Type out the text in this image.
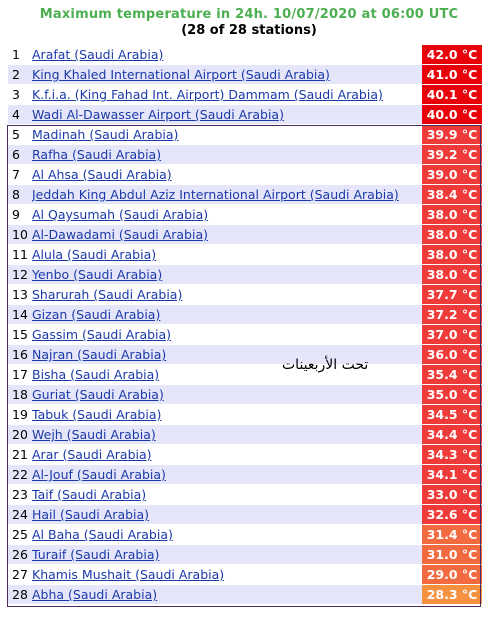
Maximum temperature in 24h. 10/07/2020 at 06:00 UTC
(28 of 28 stations)
1 Arafat (Saudi Arabia)	42.0 °C
2 King Khaled International Airport (Saudi Arabia)	41.0 °C
3 K.f.i.a. (King Fahad Int. Airport) Dammam (Saudi Arabia)	40.1 °C
4 Wadi Al-Dawasser Airport (Saudi Arabia)	40.0 °C
5 Madinah (Saudi Arabia)	39.9 °C
6 Rafha (Saudi Arabia)	39.2 °C
7 Al Ahsa (Saudi Arabia)	39.0 °C
8 Jeddah King Abdul Aziz International Airport (Saudi Arabia)	38.4 °C
9 Al Qaysumah (Saudi Arabia)	38.0 °C
10 Al-Dawadami (Saudi Arabia)	38.0 °C
11 Alula (Saudi Arabia)	38.0 °C
12 Yenbo (Saudi Arabia)	38.0 °C
13 Sharurah (Saudi Arabia)	37.7 °C
14 Gizan (Saudi Arabia)	37.2 °C
15 Gassim (Saudi Arabia)	37.0 °C
16 Najran (Saudi Arabia)	36.0 °C
17 Bisha (Saudi Arabia)	35.4 °C
18 Guriat (Saudi Arabia)	35.0 °C
19 Tabuk (Saudi Arabia)	34.5 °C
20 Wejh (Saudi Arabia)	34.4 °C
21 Arar (Saudi Arabia)	34.3 °C
22 Al-Jouf (Saudi Arabia)	34.1 °C
23 Taif (Saudi Arabia)	33.0 °C
24 Hail (Saudi Arabia)	32.6 °C
25 Al Baha (Saudi Arabia)	31.4 °C
26 Turaif (Saudi Arabia)	31.0 °C
27 Khamis Mushait (Saudi Arabia)	29.0 °C
28 Abha (Saudi Arabia)	28.3 °C
تحت الأربعينات
